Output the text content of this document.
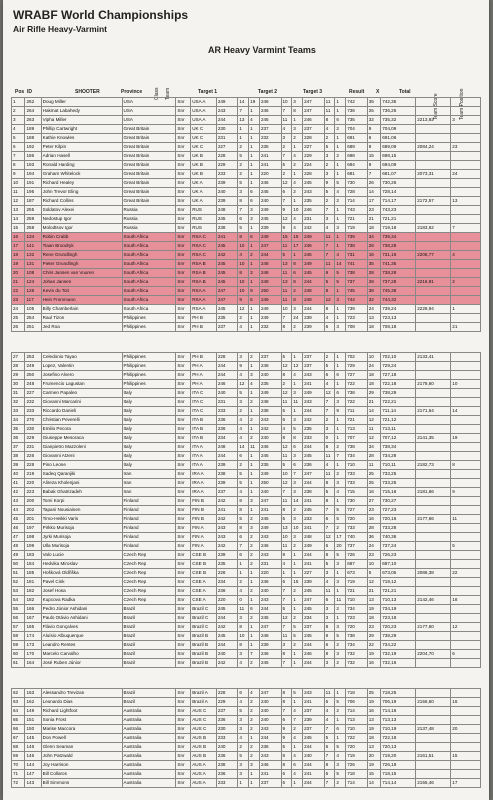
WRABF World Championships
Air Rifle Heavy-Varmint
AR Heavy Varmint Teams
Class Team	Team Score	Team Position
Pos ID	SHOOTER	Province	Target 1	Target 2	Target 3	Result X	Total
1	262	Doug Miller	USA	Snr	USA A	249	14	19	246	10	3	247	11	1	742	35	742,35		
2	264	Hakmat Labahedy	USA	Snr	USA A	243	7	1	246	7	8	247	11	1	736	25	736,25		
3	263	Vipha Miller	USA	Snr	USA A	244	13	4	245	11	1	246	8	6	735	32	735,32	2213,92	3
4	189	Phillip Cartwright	Great Britain	Snr	UK C	230	1	1	237	4	3	237	4	2	704	9	704,09		
5	188	Kathie Knowles	Great Britain	Snr	UK C	231	1	1	232	3	2	228	2	1	691	6	691,06		
6	192	Peter Kilpin	Great Britain	Snr	UK C	227	2	1	235	2	1	227	5	1	689	9	689,09	2084,24	23
7	186	Adrian Hasell	Great Britain	Snr	UK B	228	5	1	241	7	4	229	3	2	698	15	698,15		
8	193	Ronald Harding	Great Britain	Snr	UK B	229	2	1	241	5	2	224	2	1	694	9	694,09		
9	194	Graham Whitelock	Great Britain	Snr	UK B	233	2	1	220	2	1	228	3	1	681	7	681,07	2073,31	24
10	191	Richard Healey	Great Britain	Snr	UK A	239	5	1	246	12	4	245	9	5	730	26	730,26		
11	195	John Trevor Eling	Great Britain	Snr	UK A	240	3	6	245	6	2	243	5	4	728	14	728,14		
12	187	Richard Collins	Great Britain	Snr	UK A	239	8	6	240	7	1	235	2	2	714	17	714,17	2172,57	13
13	255	Soldatov Alexei	Russia	Snr	RUS	248	7	3	249	9	10	246	7	1	743	23	743,23		
14	259	Nedostup Igor	Russia	Snr	RUS	245	6	3	245	12	4	231	3	1	721	21	721,21		
15	258	Molodtsov Igor	Russia	Snr	RUS	238	5	1	239	9	4	242	4	3	719	18	719,18	2183,62	7
16	134	Robin Crabb	South Africa	Snr	RSA C	241	8	6	249	15	15	249	11	1	739	34	739,34		
17	141	Tiaan Broodryk	South Africa	Snr	RSA C	245	10	1	247	11	17	246	7	1	738	28	738,28		
18	132	Rene Grundlingh	South Africa	Snr	RSA C	242	4	2	244	5	1	245	7	4	731	16	731,16	2208,77	4
19	131	Pieter Grundlingh	South Africa	Snr	RSA B	245	10	1	248	13	8	249	11	14	741	35	741,35		
20	108	Chris Jansen van Vuuren	South Africa	Snr	RSA B	245	8	3	248	11	6	245	9	5	738	28	738,28		
21	124	Johan Jansen	South Africa	Snr	RSA B	245	10	1	248	13	8	244	5	5	737	28	737,28	2216,91	2
22	126	Kevin du Toit	South Africa	Snr	RSA A	247	10	9	250	11	2	248	8	1	745	38	745,38		
23	117	Hein Frommann	South Africa	Snr	RSA A	247	9	6	249	11	8	248	12	3	744	32	744,32		
24	105	Billy Chamberlain	South Africa	Snr	RSA A	245	12	1	249	10	3	244	8	1	739	24	739,24	2228,94	1
25	254	Raul Tizon	Philippines	Snr	PH B	235	2	1	249	7	24	239	4	1	723	13	723,13		
26	251	Jed Roa	Philippines	Snr	PH B	237	4	1	232	8	2	239	6	3	708	18	708,18		21
27	253	Celedonio Tayao	Philippines	Snr	PH B	228	3	2	237	5	1	237	2	1	702	10	702,10	2133,41	
28	249	Lopez, Valentin	Philippines	Snr	PH A	244	9	1	248	12	12	237	5	1	729	24	729,24		
29	250	Josefino Alvero	Philippines	Snr	PH A	244	4	3	240	8	4	243	6	6	727	18	727,18		
30	248	Frumencio Lagustan	Philippines	Snr	PH A	246	12	4	235	2	1	241	4	1	722	18	722,18	2178,60	10
31	227	Carmen Papaleo	Italy	Snr	ITA C	240	5	1	249	12	3	249	12	6	738	29	738,29		
32	232	Giovanni Marcarini	Italy	Snr	ITA C	231	3	2	248	11	11	243	7	3	722	21	722,21		
33	233	Riccardo Danieli	Italy	Snr	ITA C	233	2	1	238	5	1	244	7	9	711	14	711,14	2171,64	14
34	270	Christian Peverelli	Italy	Snr	ITA B	236	4	2	243	6	3	242	2	1	721	12	721,12		
35	230	Emilio Pecora	Italy	Snr	ITA B	236	4	1	242	4	5	235	3	1	713	11	713,11		
36	229	Giuseppe Mesoraca	Italy	Snr	ITA B	234	4	2	240	8	8	233	0	1	707	12	707,12	2141,35	19
37	231	Gianpietro Mazzoleni	Italy	Snr	ITA A	248	14	11	246	12	6	244	8	2	738	34	738,34		
38	226	Giovanni Atzeni	Italy	Snr	ITA A	244	6	1	245	11	3	245	11	7	734	28	734,28		
39	228	Pino Leone	Italy	Snr	ITA A	239	2	1	235	5	6	236	4	1	710	11	710,11	2182,73	8
40	219	Sadeq Qaranjiki	Iran	Snr	IRA A	238	5	1	249	10	7	247	11	2	733	25	733,25		
41	220	Alireza Kholenjani	Iran	Snr	IRA A	239	5	1	250	12	3	244	8	3	733	25	733,25		
42	223	Babak Ghatrizadeh	Iran	Snr	IRA A	237	4	1	240	7	3	238	5	4	715	16	715,16	2181,66	9
43	200	Tomi Korpi	Finland	Snr	FIN B	242	8	3	247	11	14	241	8	1	730	27	730,27		
44	202	Tapani Nousiainen	Finland	Snr	FIN B	241	8	1	241	8	2	245	7	5	727	23	727,23		
45	201	Timo-Heikki Varis	Finland	Snr	FIN B	242	5	2	245	5	3	233	6	5	720	16	720,16	2177,66	11
46	197	Pirkko Murisoja	Finland	Snr	FIN A	243	8	3	249	13	10	241	7	2	733	28	733,28		
47	198	Jyrki Murisoja	Finland	Snr	FIN A	243	6	2	243	10	3	248	12	17	740	36	740,36		
48	199	Ulla Murisoja	Finland	Snr	FIN A	242	7	2	246	11	2	249	6	20	737	24	737,24		5
49	183	Valo Lucie	Czech Rep	Snr	CSE B	239	6	2	243	9	1	244	8	5	726	23	726,23		
50	184	Hedvika Miroslav	Czech Rep	Snr	CSE B	235	1	2	231	4	1	241	5	3	687	10	687,10		
51	185	Hošková Oldřiška	Czech Rep	Snr	CSE B	226	1	1	220	1	1	227	3	1	673	5	673,05	2086,38	22
52	181	Pavel Cink	Czech Rep	Snr	CSE A	234	2	1	246	6	15	239	4	3	719	12	719,12		
53	182	Josef Hosa	Czech Rep	Snr	CSE A	236	4	2	240	7	2	245	11	1	721	21	721,21		
54	182	Kupcova Radka	Czech Rep	Snr	CSE A	220	0	1	243	7	1	247	6	11	710	13	710,13	2142,46	18
55	166	Pedro Júnior Ashidani	Brazil	Snr	Brazil C	245	11	6	244	5	1	245	3	2	734	19	734,19		
56	167	Paulo Otávio Ashidani	Brazil	Snr	Brazil C	244	3	2	245	12	2	234	3	1	723	18	723,18		
57	165	Flávio Gonçalves	Brazil	Snr	Brazil C	242	8	1	247	7	5	237	8	3	720	23	720,23	2177,60	12
58	174	Aluísio Albuquerque	Brazil	Snr	Brazil B	245	10	1	248	11	5	245	8	5	738	29	738,29		
59	173	Leandro Rentes	Brazil	Snr	Brazil B	244	8	1	239	3	2	244	6	2	734	22	734,22		
60	170	Marcelo Carvalho	Brazil	Snr	Brazil B	240	3	7	246	8	1	246	8	3	732	19	732,19	2204,70	6
61	164	José Ruben Júnior	Brazil	Snr	Brazil B	242	4	2	245	7	1	244	3	2	732	16	732,16		
62	163	Alessandro Trevizan	Brazil	Snr	Brazil A	228	6	4	247	8	5	243	11	1	718	25	718,25		
63	162	Leonardo Dias	Brazil	Snr	Brazil A	229	4	2	240	8	1	241	6	5	706	19	706,19	2156,60	16
64	149	Richard Lightfoot	Australia	Snr	AUS C	237	5	2	240	7	4	237	4	2	714	16	714,16		
65	151	Sonia Frost	Australia	Snr	AUS C	236	3	2	240	6	7	239	4	1	713	13	713,13		
66	150	Marise Maccora	Australia	Snr	AUS C	230	3	2	243	9	2	237	7	6	710	19	710,19	2137,48	20
67	145	Don Powell	Australia	Snr	AUS B	233	4	1	244	9	4	245	5	1	722	18	722,18		
68	146	Glenn Seaman	Australia	Snr	AUS B	240	2	2	236	5	1	244	6	5	720	13	720,13		
69	146	John Patzwald	Australia	Snr	AUS B	236	5	2	243	8	4	240	7	4	719	20	719,20	2161,51	15
70	144	Joy Harrison	Australia	Snr	AUS A	238	3	3	246	8	6	244	8	3	726	19	726,19		
71	147	Bill Collaros	Australia	Snr	AUS A	236	3	1	241	6	4	241	6	5	718	15	718,15		
72	143	Bill Simmons	Australia	Snr	AUS A	233	1	1	237	6	1	244	7	2	714	14	714,14	2155,46	17
